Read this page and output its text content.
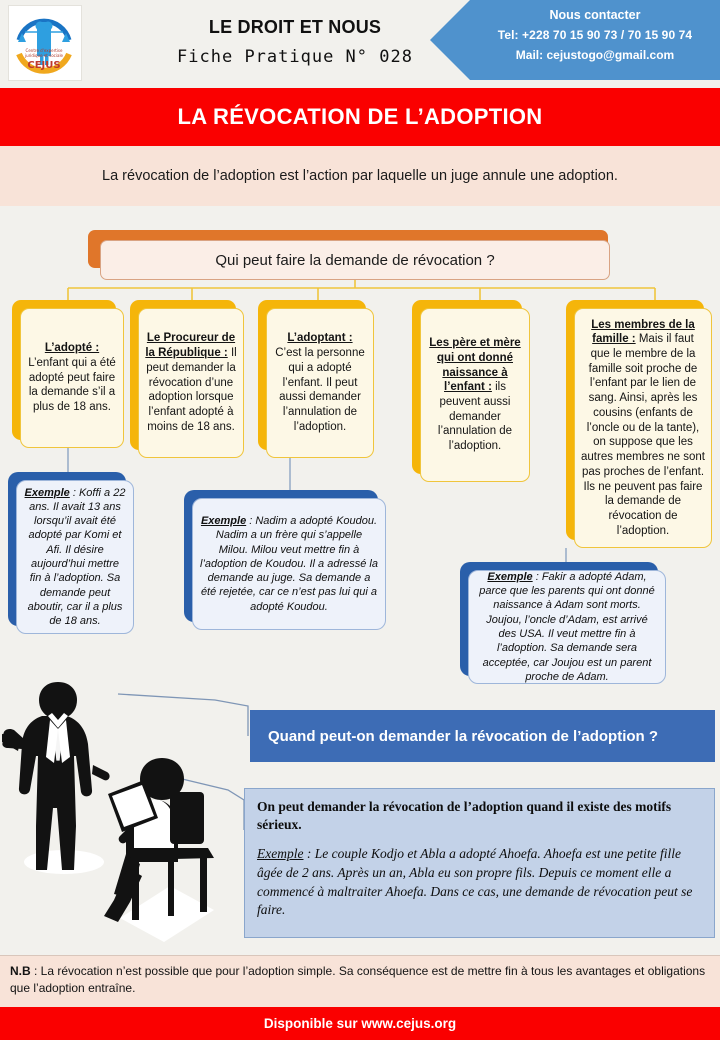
Centre d'expertise
juridique et sociale
CEJUS
LE DROIT ET NOUS
Fiche Pratique N° 028
Nous contacter
Tel: +228 70 15 90 73 / 70 15 90 74
Mail: cejustogo@gmail.com
LA RÉVOCATION DE L’ADOPTION
La révocation de l’adoption est l’action par laquelle un juge annule une adoption.
Qui peut faire la demande de révocation ?
L’adopté : L’enfant qui a été adopté peut faire la demande s’il a plus de 18 ans.
Le Procureur de la République : Il peut demander la révocation d’une adoption lorsque l’enfant adopté à moins de 18 ans.
L’adoptant : C’est la personne qui a adopté l’enfant. Il peut aussi demander l’annulation de l’adoption.
Les père et mère qui ont donné naissance à l’enfant : ils peuvent aussi demander l’annulation de l’adoption.
Les membres de la famille : Mais il faut que le membre de la famille soit proche de l’enfant par le lien de sang. Ainsi, après les cousins (enfants de l’oncle ou de la tante), on suppose que les autres membres ne sont pas proches de l’enfant. Ils ne peuvent pas faire la demande de révocation de l’adoption.
Exemple : Koffi a 22 ans. Il avait 13 ans lorsqu’il avait été adopté par Komi et Afi. Il désire aujourd’hui mettre fin à l’adoption. Sa demande peut aboutir, car il a plus de 18 ans.
Exemple : Nadim a adopté Koudou. Nadim a un frère qui s’appelle Milou. Milou veut mettre fin à l’adoption de Koudou. Il a adressé la demande au juge. Sa demande a été rejetée, car ce n’est pas lui qui a adopté Koudou.
Exemple : Fakir a adopté Adam, parce que les parents qui ont donné naissance à Adam sont morts. Joujou, l’oncle d’Adam, est arrivé des USA. Il veut mettre fin à l’adoption. Sa demande sera acceptée, car Joujou est un parent proche de Adam.
Quand peut-on demander la révocation de l’adoption ?
On peut demander la révocation de l’adoption quand il existe des motifs sérieux.
Exemple : Le couple Kodjo et Abla a adopté Ahoefa. Ahoefa est une petite fille âgée de 2 ans. Après un an, Abla eu son propre fils. Depuis ce moment elle a commencé à maltraiter Ahoefa. Dans ce cas, une demande de révocation peut se faire.
N.B : La révocation n’est possible que pour l’adoption simple. Sa conséquence est de mettre fin à tous les avantages et obligations que l’adoption entraîne.
Disponible sur www.cejus.org
